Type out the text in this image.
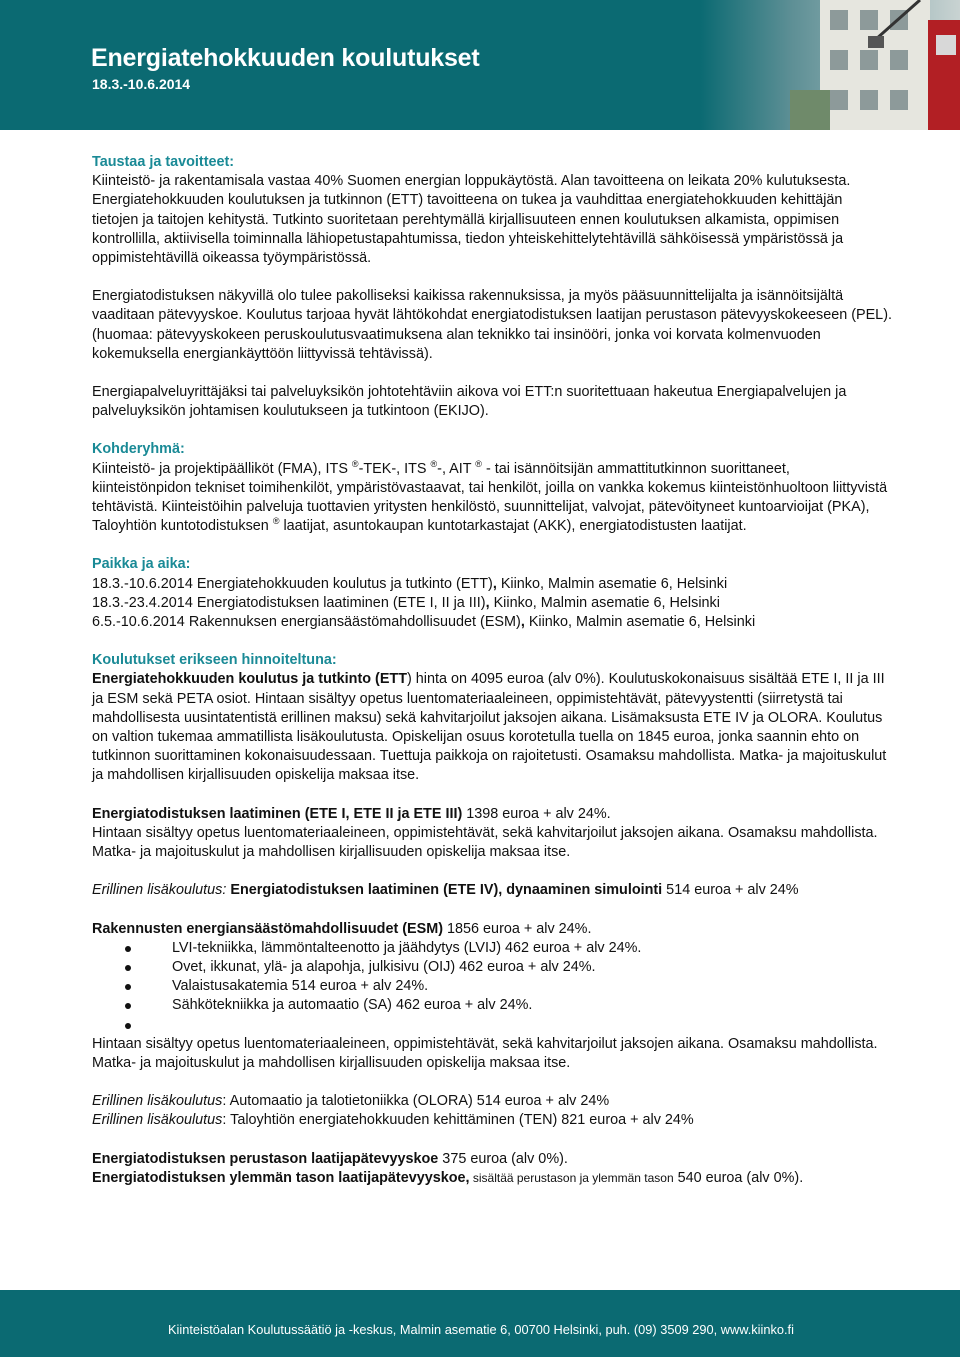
Energiatehokkuuden koulutukset
18.3.-10.6.2014

Taustaa ja tavoitteet:

Kiinteistö- ja rakentamisala vastaa 40% Suomen energian loppukäytöstä. Alan tavoitteena on leikata 20% kulutuksesta.

Energiatehokkuuden koulutuksen ja tutkinnon (ETT) tavoitteena on tukea ja vauhdittaa energiatehokkuuden kehittäjän tietojen ja taitojen kehitystä. Tutkinto suoritetaan perehtymällä kirjallisuuteen ennen koulutuksen alkamista, oppimisen kontrollilla, aktiivisella toiminnalla lähiopetustapahtumissa, tiedon yhteiskehittelytehtävillä sähköisessä ympäristössä ja oppimistehtävillä oikeassa työympäristössä.

Energiatodistuksen näkyvillä olo tulee pakolliseksi kaikissa rakennuksissa, ja myös pääsuunnittelijalta ja isännöitsijältä vaaditaan pätevyyskoe. Koulutus tarjoaa hyvät lähtökohdat energiatodistuksen laatijan perustason pätevyyskokeeseen (PEL).(huomaa: pätevyyskokeen peruskoulutusvaatimuksena alan teknikko tai insinööri, jonka voi korvata kolmenvuoden kokemuksella energiankäyttöön liittyvissä tehtävissä).

Energiapalveluyrittäjäksi tai palveluyksikön johtotehtäviin aikova voi ETT:n suoritettuaan hakeutua Energiapalvelujen ja palveluyksikön johtamisen koulutukseen ja tutkintoon (EKIJO).

Kohderyhmä:

Kiinteistö- ja projektipäälliköt (FMA), ITS ®-TEK-, ITS ®-, AIT ® - tai isännöitsijän ammattitutkinnon suorittaneet, kiinteistönpidon tekniset toimihenkilöt, ympäristövastaavat, tai henkilöt, joilla on vankka kokemus kiinteistönhuoltoon liittyvistä tehtävistä. Kiinteistöihin palveluja tuottavien yritysten henkilöstö, suunnittelijat, valvojat, pätevöityneet kuntoarvioijat (PKA), Taloyhtiön kuntotodistuksen ® laatijat, asuntokaupan kuntotarkastajat (AKK), energiatodistusten laatijat.

Paikka ja aika:

18.3.-10.6.2014 Energiatehokkuuden koulutus ja tutkinto (ETT), Kiinko, Malmin asematie 6, Helsinki

18.3.-23.4.2014 Energiatodistuksen laatiminen (ETE I, II ja III), Kiinko, Malmin asematie 6, Helsinki

6.5.-10.6.2014 Rakennuksen energiansäästömahdollisuudet (ESM), Kiinko, Malmin asematie 6, Helsinki

Koulutukset erikseen hinnoiteltuna:

Energiatehokkuuden koulutus ja tutkinto (ETT) hinta on 4095 euroa (alv 0%). Koulutuskokonaisuus sisältää ETE I, II ja III ja ESM sekä PETA osiot. Hintaan sisältyy opetus luentomateriaaleineen, oppimistehtävät, pätevyystentti (siirretystä tai mahdollisesta uusintatentistä erillinen maksu) sekä kahvitarjoilut jaksojen aikana. Lisämaksusta ETE IV ja OLORA. Koulutus on valtion tukemaa ammatillista lisäkoulutusta. Opiskelijan osuus korotetulla tuella on 1845 euroa, jonka saannin ehto on tutkinnon suorittaminen kokonaisuudessaan. Tuettuja paikkoja on rajoitetusti. Osamaksu mahdollista. Matka- ja majoituskulut ja mahdollisen kirjallisuuden opiskelija maksaa itse.

Energiatodistuksen laatiminen (ETE I, ETE II ja ETE III) 1398 euroa + alv 24%.

Hintaan sisältyy opetus luentomateriaaleineen, oppimistehtävät, sekä kahvitarjoilut jaksojen aikana. Osamaksu mahdollista. Matka- ja majoituskulut ja mahdollisen kirjallisuuden opiskelija maksaa itse.

Erillinen lisäkoulutus: Energiatodistuksen laatiminen (ETE IV), dynaaminen simulointi 514 euroa + alv 24%

Rakennusten energiansäästömahdollisuudet (ESM) 1856 euroa + alv 24%.

LVI-tekniikka, lämmöntalteenotto ja jäähdytys (LVIJ) 462 euroa + alv 24%.
Ovet, ikkunat, ylä- ja alapohja, julkisivu (OIJ) 462 euroa + alv 24%.
Valaistusakatemia 514 euroa + alv 24%.
Sähkötekniikka ja automaatio (SA) 462 euroa + alv 24%.

Hintaan sisältyy opetus luentomateriaaleineen, oppimistehtävät, sekä kahvitarjoilut jaksojen aikana. Osamaksu mahdollista. Matka- ja majoituskulut ja mahdollisen kirjallisuuden opiskelija maksaa itse.

Erillinen lisäkoulutus: Automaatio ja talotietoniikka (OLORA) 514 euroa + alv 24%

Erillinen lisäkoulutus: Taloyhtiön energiatehokkuuden kehittäminen (TEN) 821 euroa + alv 24%

Energiatodistuksen perustason laatijapätevyyskoe 375 euroa (alv 0%).

Energiatodistuksen ylemmän tason laatijapätevyyskoe, sisältää perustason ja ylemmän tason 540 euroa (alv 0%).

Kiinteistöalan Koulutussäätiö ja -keskus, Malmin asematie 6, 00700 Helsinki, puh. (09) 3509 290, www.kiinko.fi
